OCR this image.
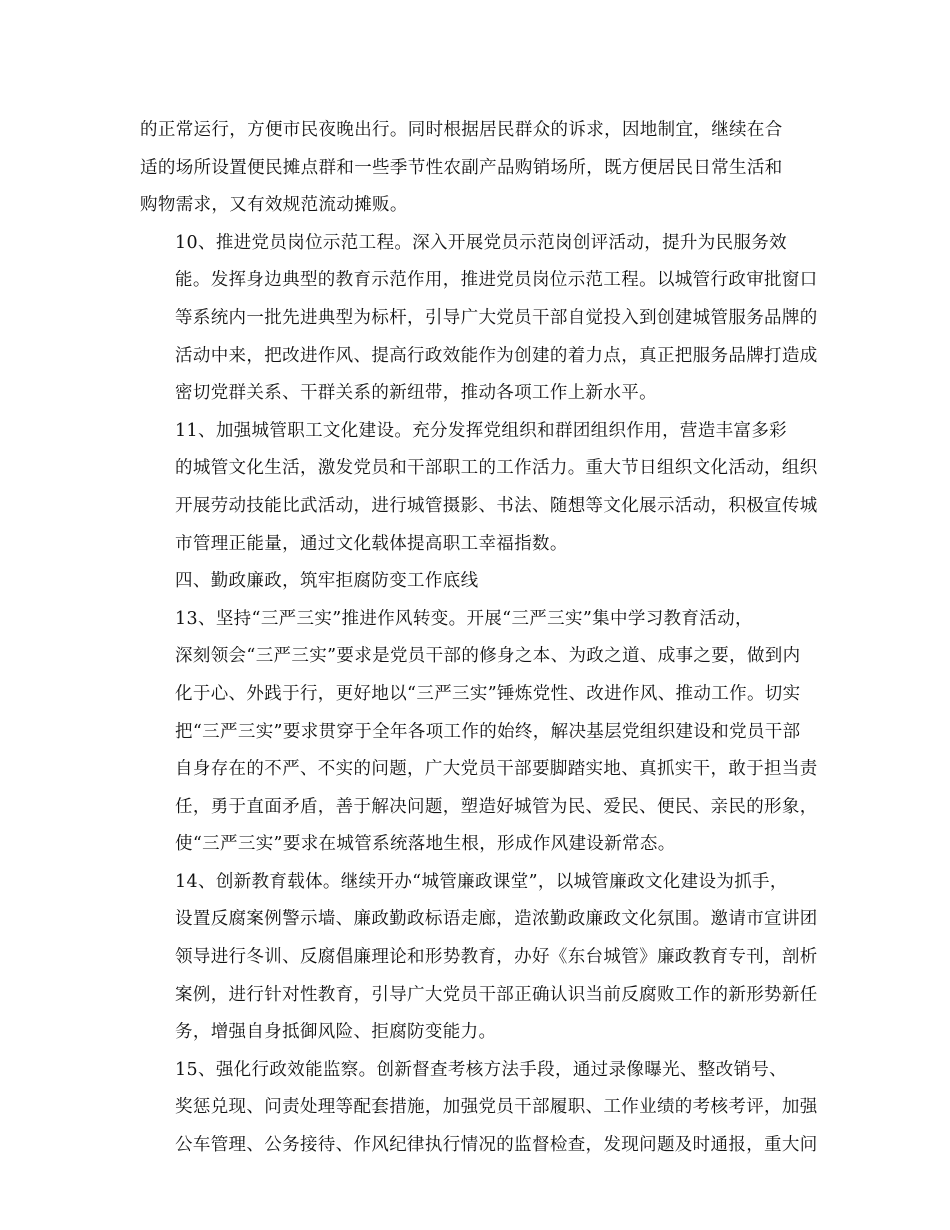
的正常运行，方便市民夜晚出行。同时根据居民群众的诉求，因地制宜，继续在合
适的场所设置便民摊点群和一些季节性农副产品购销场所，既方便居民日常生活和
购物需求，又有效规范流动摊贩。

10、推进党员岗位示范工程。深入开展党员示范岗创评活动，提升为民服务效
能。发挥身边典型的教育示范作用，推进党员岗位示范工程。以城管行政审批窗口
等系统内一批先进典型为标杆，引导广大党员干部自觉投入到创建城管服务品牌的
活动中来，把改进作风、提高行政效能作为创建的着力点，真正把服务品牌打造成
密切党群关系、干群关系的新纽带，推动各项工作上新水平。

11、加强城管职工文化建设。充分发挥党组织和群团组织作用，营造丰富多彩
的城管文化生活，激发党员和干部职工的工作活力。重大节日组织文化活动，组织
开展劳动技能比武活动，进行城管摄影、书法、随想等文化展示活动，积极宣传城
市管理正能量，通过文化载体提高职工幸福指数。

四、勤政廉政，筑牢拒腐防变工作底线

13、坚持“三严三实”推进作风转变。开展“三严三实”集中学习教育活动，
深刻领会“三严三实”要求是党员干部的修身之本、为政之道、成事之要，做到内
化于心、外践于行，更好地以“三严三实”锤炼党性、改进作风、推动工作。切实
把“三严三实”要求贯穿于全年各项工作的始终，解决基层党组织建设和党员干部
自身存在的不严、不实的问题，广大党员干部要脚踏实地、真抓实干，敢于担当责
任，勇于直面矛盾，善于解决问题，塑造好城管为民、爱民、便民、亲民的形象，
使“三严三实”要求在城管系统落地生根，形成作风建设新常态。

14、创新教育载体。继续开办“城管廉政课堂”，以城管廉政文化建设为抓手，
设置反腐案例警示墙、廉政勤政标语走廊，造浓勤政廉政文化氛围。邀请市宣讲团
领导进行冬训、反腐倡廉理论和形势教育，办好《东台城管》廉政教育专刊，剖析
案例，进行针对性教育，引导广大党员干部正确认识当前反腐败工作的新形势新任
务，增强自身抵御风险、拒腐防变能力。

15、强化行政效能监察。创新督查考核方法手段，通过录像曝光、整改销号、
奖惩兑现、问责处理等配套措施，加强党员干部履职、工作业绩的考核考评，加强
公车管理、公务接待、作风纪律执行情况的监督检查，发现问题及时通报，重大问
